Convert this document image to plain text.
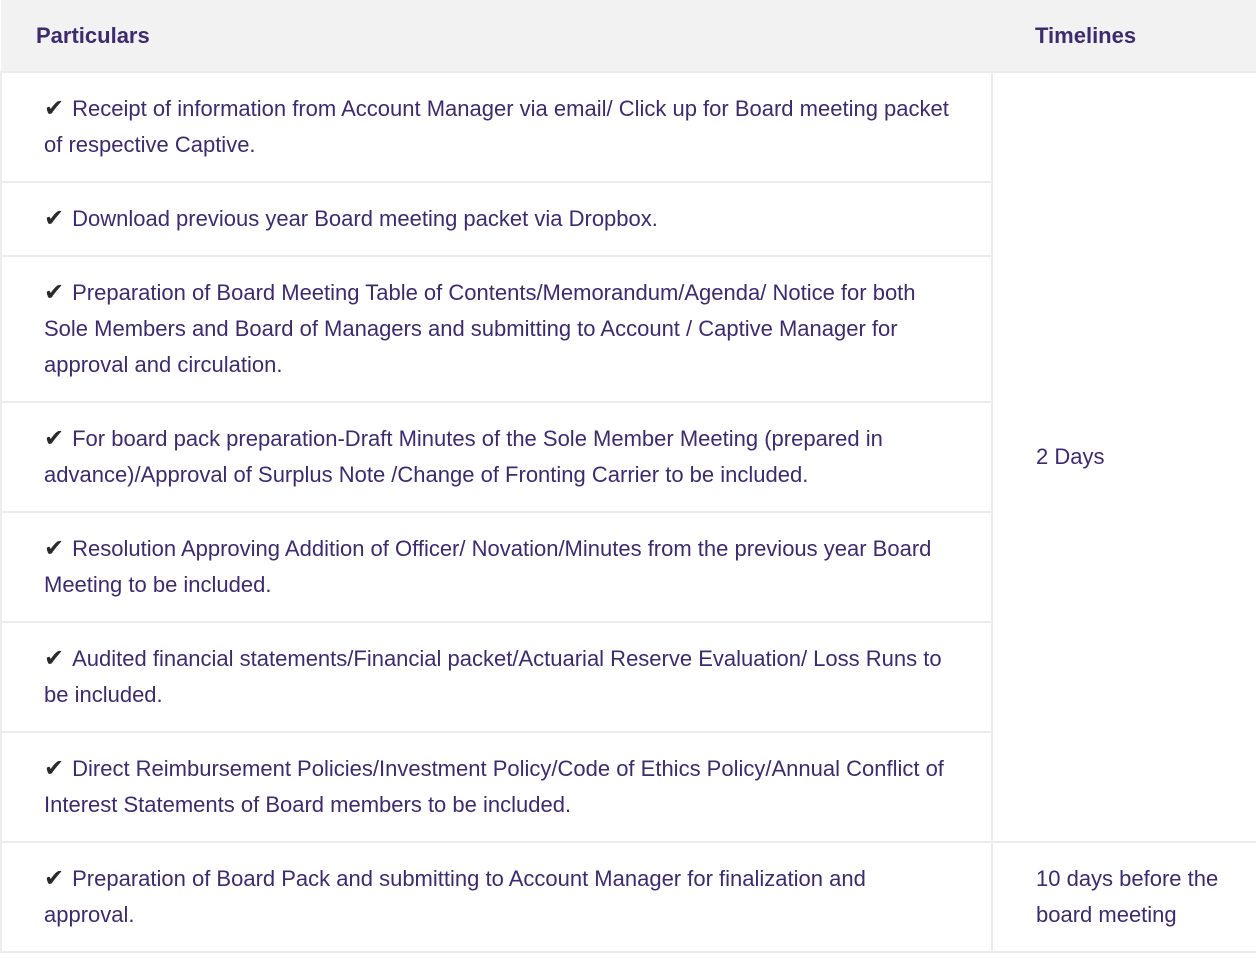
Particulars	Timelines
✔ Receipt of information from Account Manager via email/ Click up for Board meeting packet of respective Captive.	2 Days
✔ Download previous year Board meeting packet via Dropbox.	
✔ Preparation of Board Meeting Table of Contents/Memorandum/Agenda/ Notice for both Sole Members and Board of Managers and submitting to Account / Captive Manager for approval and circulation.	
✔ For board pack preparation-Draft Minutes of the Sole Member Meeting (prepared in advance)/Approval of Surplus Note /Change of Fronting Carrier to be included.	
✔ Resolution Approving Addition of Officer/ Novation/Minutes from the previous year Board Meeting to be included.	
✔ Audited financial statements/Financial packet/Actuarial Reserve Evaluation/ Loss Runs to be included.	
✔ Direct Reimbursement Policies/Investment Policy/Code of Ethics Policy/Annual Conflict of Interest Statements of Board members to be included.	
✔ Preparation of Board Pack and submitting to Account Manager for finalization and approval.	10 days before the board meeting
